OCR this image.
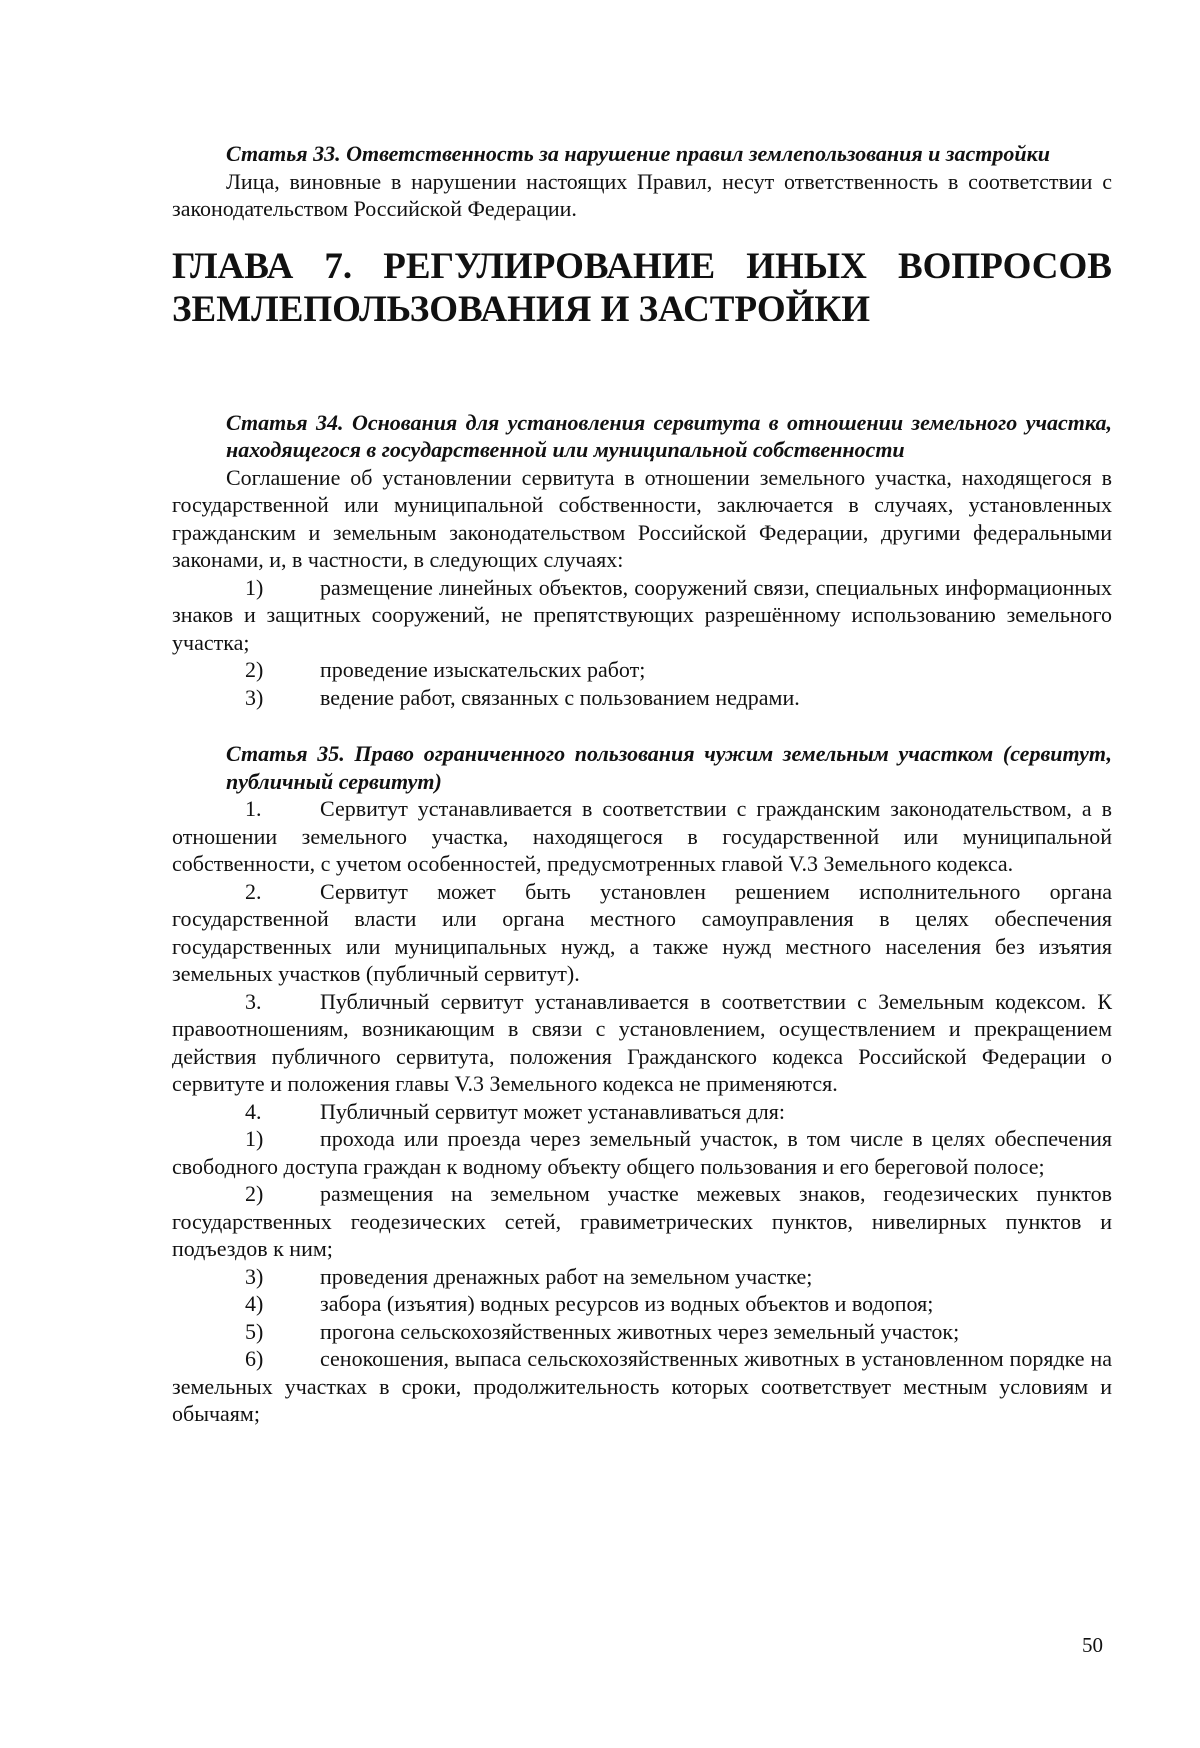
Статья 33. Ответственность за нарушение правил землепользования и застройки

Лица, виновные в нарушении настоящих Правил, несут ответственность в соответствии с законодательством Российской Федерации.

ГЛАВА 7. РЕГУЛИРОВАНИЕ ИНЫХ ВОПРОСОВ ЗЕМЛЕПОЛЬЗОВАНИЯ И ЗАСТРОЙКИ

Статья 34. Основания для установления сервитута в отношении земельного участка, находящегося в государственной или муниципальной собственности

Соглашение об установлении сервитута в отношении земельного участка, находящегося в государственной или муниципальной собственности, заключается в случаях, установленных гражданским и земельным законодательством Российской Федерации, другими федеральными законами, и, в частности, в следующих случаях:

1)	размещение линейных объектов, сооружений связи, специальных информационных знаков и защитных сооружений, не препятствующих разрешённому использованию земельного участка;

2)	проведение изыскательских работ;

3)	ведение работ, связанных с пользованием недрами.

Статья 35. Право ограниченного пользования чужим земельным участком (сервитут, публичный сервитут)

1.	Сервитут устанавливается в соответствии с гражданским законодательством, а в отношении земельного участка, находящегося в государственной или муниципальной собственности, с учетом особенностей, предусмотренных главой V.3 Земельного кодекса.

2.	Сервитут может быть установлен решением исполнительного органа государственной власти или органа местного самоуправления в целях обеспечения государственных или муниципальных нужд, а также нужд местного населения без изъятия земельных участков (публичный сервитут).

3.	Публичный сервитут устанавливается в соответствии с Земельным кодексом. К правоотношениям, возникающим в связи с установлением, осуществлением и прекращением действия публичного сервитута, положения Гражданского кодекса Российской Федерации о сервитуте и положения главы V.3 Земельного кодекса не применяются.

4.	Публичный сервитут может устанавливаться для:

1)	прохода или проезда через земельный участок, в том числе в целях обеспечения свободного доступа граждан к водному объекту общего пользования и его береговой полосе;

2)	размещения на земельном участке межевых знаков, геодезических пунктов государственных геодезических сетей, гравиметрических пунктов, нивелирных пунктов и подъездов к ним;

3)	проведения дренажных работ на земельном участке;

4)	забора (изъятия) водных ресурсов из водных объектов и водопоя;

5)	прогона сельскохозяйственных животных через земельный участок;

6)	сенокошения, выпаса сельскохозяйственных животных в установленном порядке на земельных участках в сроки, продолжительность которых соответствует местным условиям и обычаям;

50
